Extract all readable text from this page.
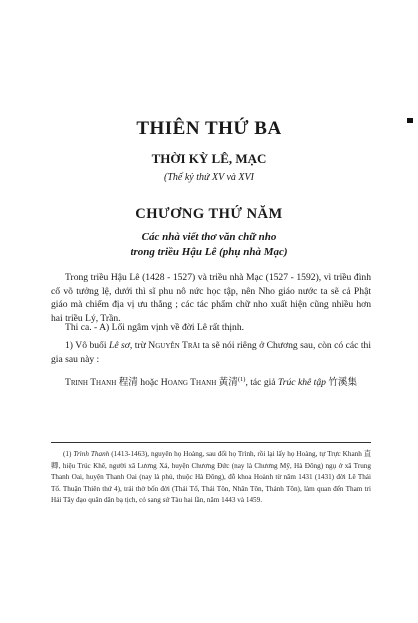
THIÊN THỨ BA
THỜI KỲ LÊ, MẠC
(Thế kỷ thứ XV và XVI
CHƯƠNG THỨ NĂM
Các nhà viết thơ văn chữ nho
trong triều Hậu Lê (phụ nhà Mạc)

Trong triều Hậu Lê (1428 - 1527) và triều nhà Mạc (1527 - 1592), vì triều đình cố võ tưởng lệ, dưới thì sĩ phu nô nức học tập, nên Nho giáo nước ta sẽ cả Phật giáo mà chiếm địa vị ưu thắng ; các tác phẩm chữ nho xuất hiện cũng nhiều hơn hai triều Lý, Trần.

Thi ca. - A) Lối ngâm vịnh về đời Lê rất thịnh.

1) Vô buổi Lê sơ, trừ Nguyễn Trãi ta sẽ nói riêng ở Chương sau, còn có các thi gia sau này :

Trinh Thanh 程清 hoặc Hoang Thanh 黃清$^{(1)}$, tác giả Trúc khê tập 竹溪集

(1) Trình Thanh (1413-1463), nguyên họ Hoàng, sau đổi họ Trình, rồi lại lấy họ Hoàng, tự Trực Khanh 直卿, hiệu Trúc Khê, người xã Lương Xá, huyện Chương Đức (nay là Chương Mỹ, Hà Đông) ngụ ở xã Trung Thanh Oai, huyện Thanh Oai (nay là phủ, thuộc Hà Đông), đỗ khoa Hoành từ năm 1431 (1431) đời Lê Thái Tổ. Thuận Thiên thứ 4), trải thờ bốn đời (Thái Tổ, Thái Tôn, Nhân Tôn, Thánh Tôn), làm quan đến Tham tri Hải Tây đạo quân dân bạ tịch, có sang sứ Tàu hai lần, năm 1443 và 1459.
